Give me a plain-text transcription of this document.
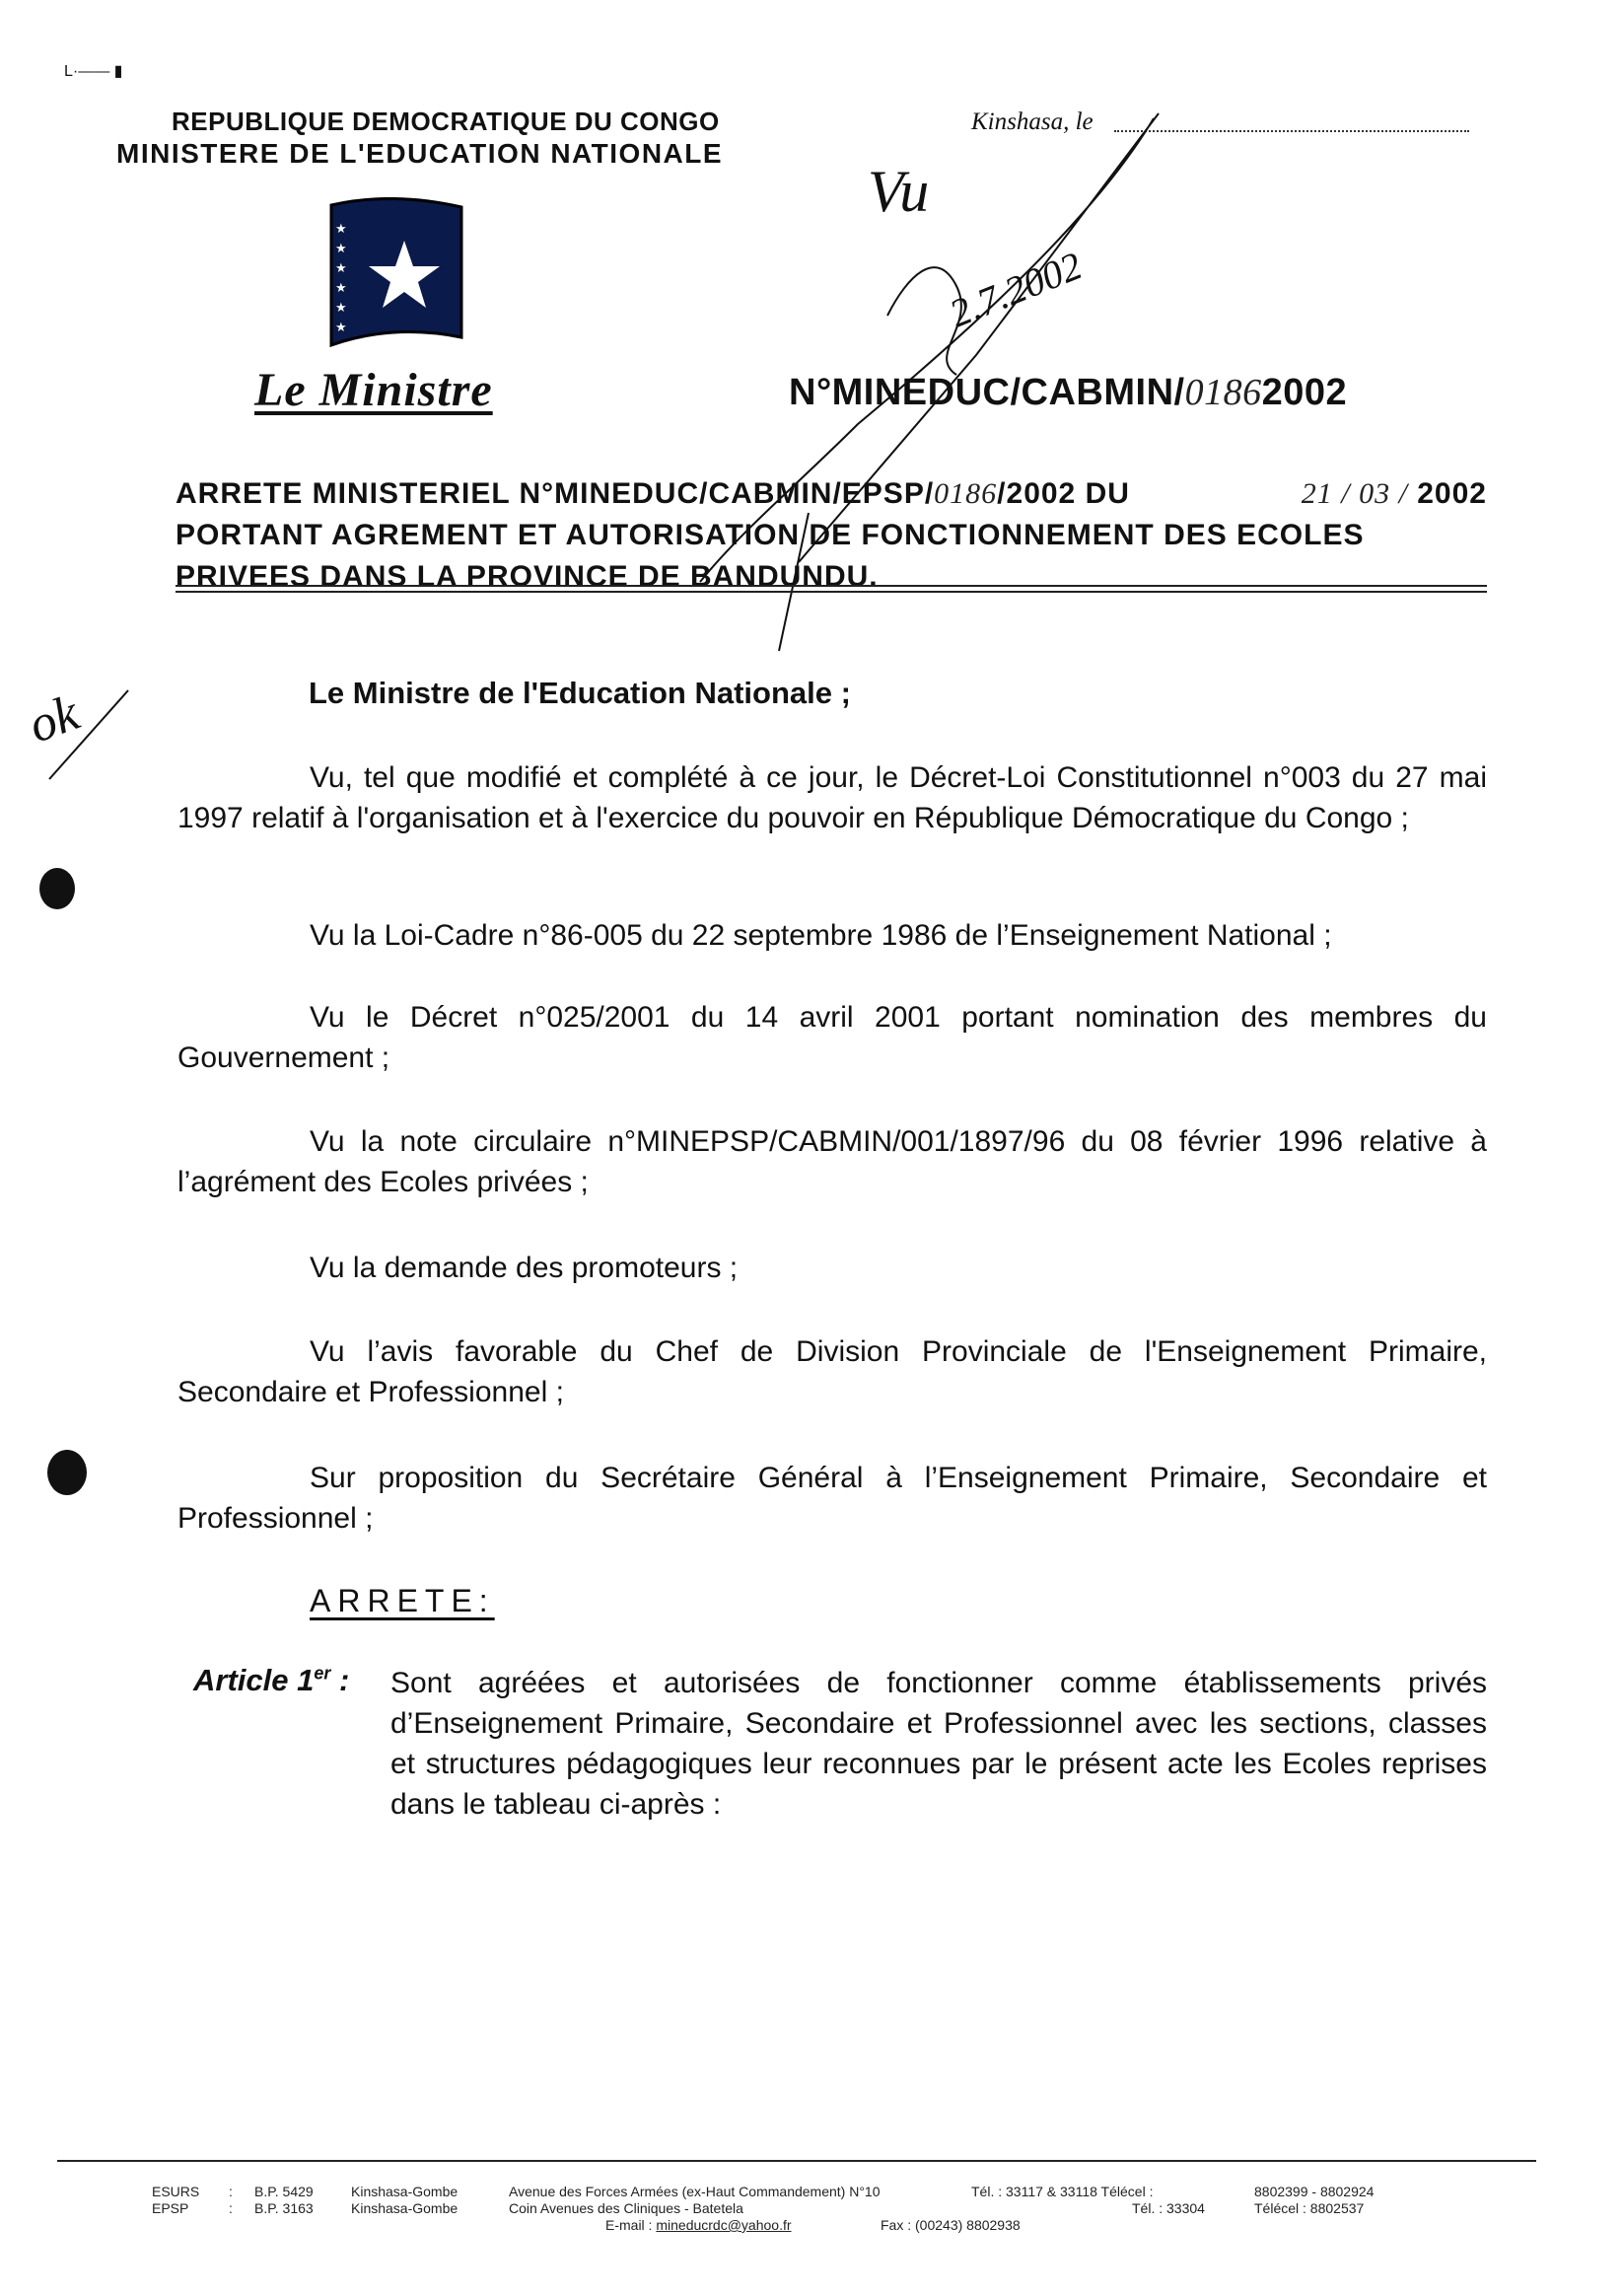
L·—— ▮
REPUBLIQUE DEMOCRATIQUE DU CONGO
MINISTERE DE L'EDUCATION NATIONALE
Kinshasa, le
★
★
★
★
★
★
Le Ministre
Vu
2.7.2002
N°MINEDUC/CABMIN/01862002
ARRETE MINISTERIEL N°MINEDUC/CABMIN/EPSP/0186/2002 DU	21 / 03 / 2002
PORTANT AGREMENT ET AUTORISATION DE FONCTIONNEMENT DES ECOLES
PRIVEES DANS LA PROVINCE DE BANDUNDU.
ok	Le Ministre de l'Education Nationale ;
Vu, tel que modifié et complété à ce jour, le Décret-Loi Constitutionnel n°003 du 27 mai 1997 relatif à l'organisation et à l'exercice du pouvoir en République Démocratique du Congo ;
Vu la Loi-Cadre n°86-005 du 22 septembre 1986 de l’Enseignement National ;
Vu le Décret n°025/2001 du 14 avril 2001 portant nomination des membres du Gouvernement ;
Vu la note circulaire n°MINEPSP/CABMIN/001/1897/96 du 08 février 1996 relative à l’agrément des Ecoles privées ;
Vu la demande des promoteurs ;
Vu l’avis favorable du Chef de Division Provinciale de l'Enseignement Primaire, Secondaire et Professionnel ;
Sur proposition du Secrétaire Général à l’Enseignement Primaire, Secondaire et Professionnel ;
ARRETE:
Article 1er : Sont agréées et autorisées de fonctionner comme établissements privés d’Enseignement Primaire, Secondaire et Professionnel avec les sections, classes et structures pédagogiques leur reconnues par le présent acte les Ecoles reprises dans le tableau ci-après :
ESURS : B.P. 5429	Kinshasa-Gombe	Avenue des Forces Armées (ex-Haut Commandement) N°10	Tél. : 33117 & 33118 Télécel :	8802399 - 8802924
EPSP	: B.P. 3163	Kinshasa-Gombe	Coin Avenues des Cliniques - Batetela	Tél. : 33304	Télécel : 8802537
E-mail : mineducrdc@yahoo.fr	Fax : (00243) 8802938
